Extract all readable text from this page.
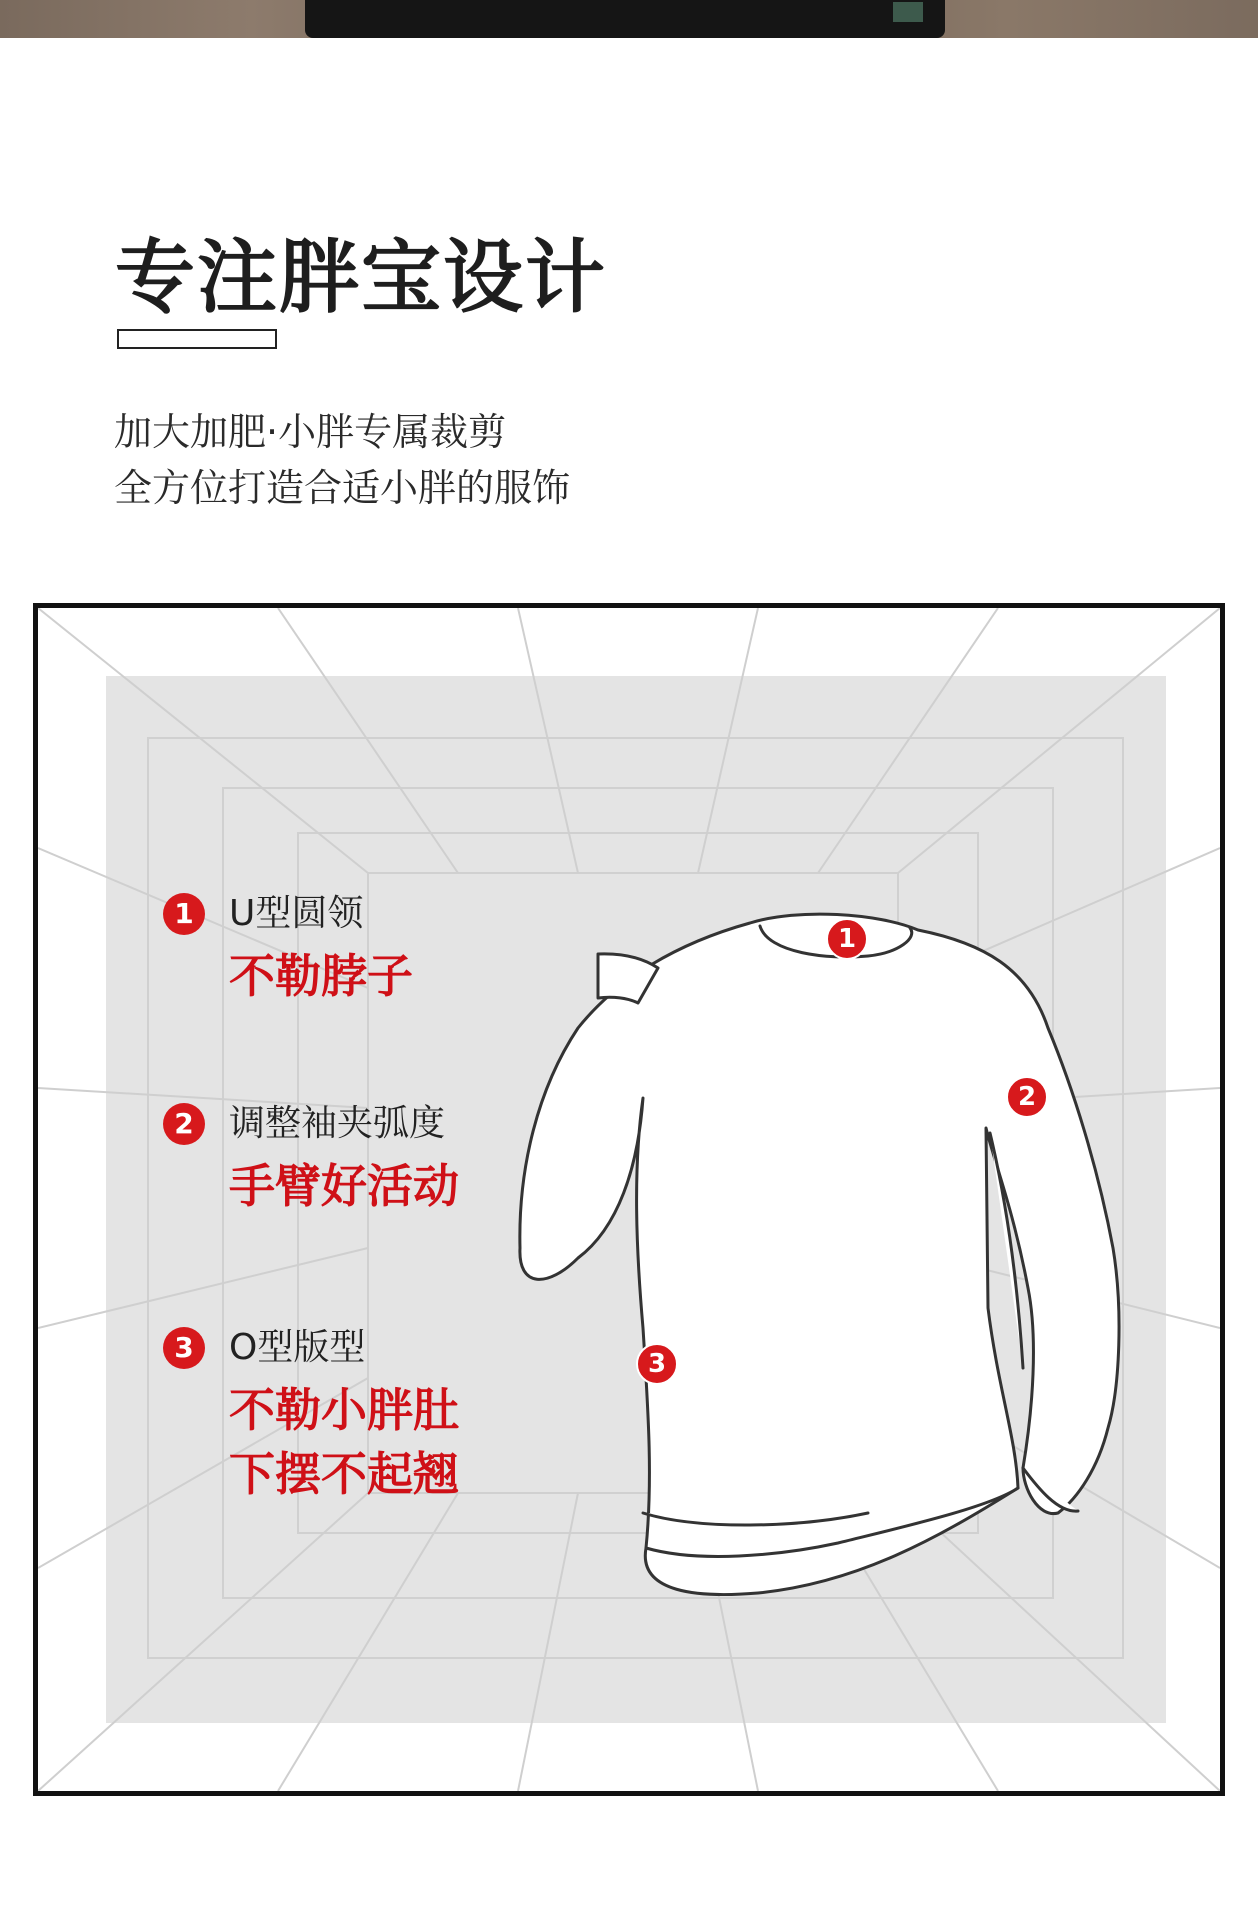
专注胖宝设计
加大加肥·小胖专属裁剪
全方位打造合适小胖的服饰
1
2
3
1 U型圆领
不勒脖子
2 调整袖夹弧度
手臂好活动
3 O型版型
不勒小胖肚
下摆不起翘
